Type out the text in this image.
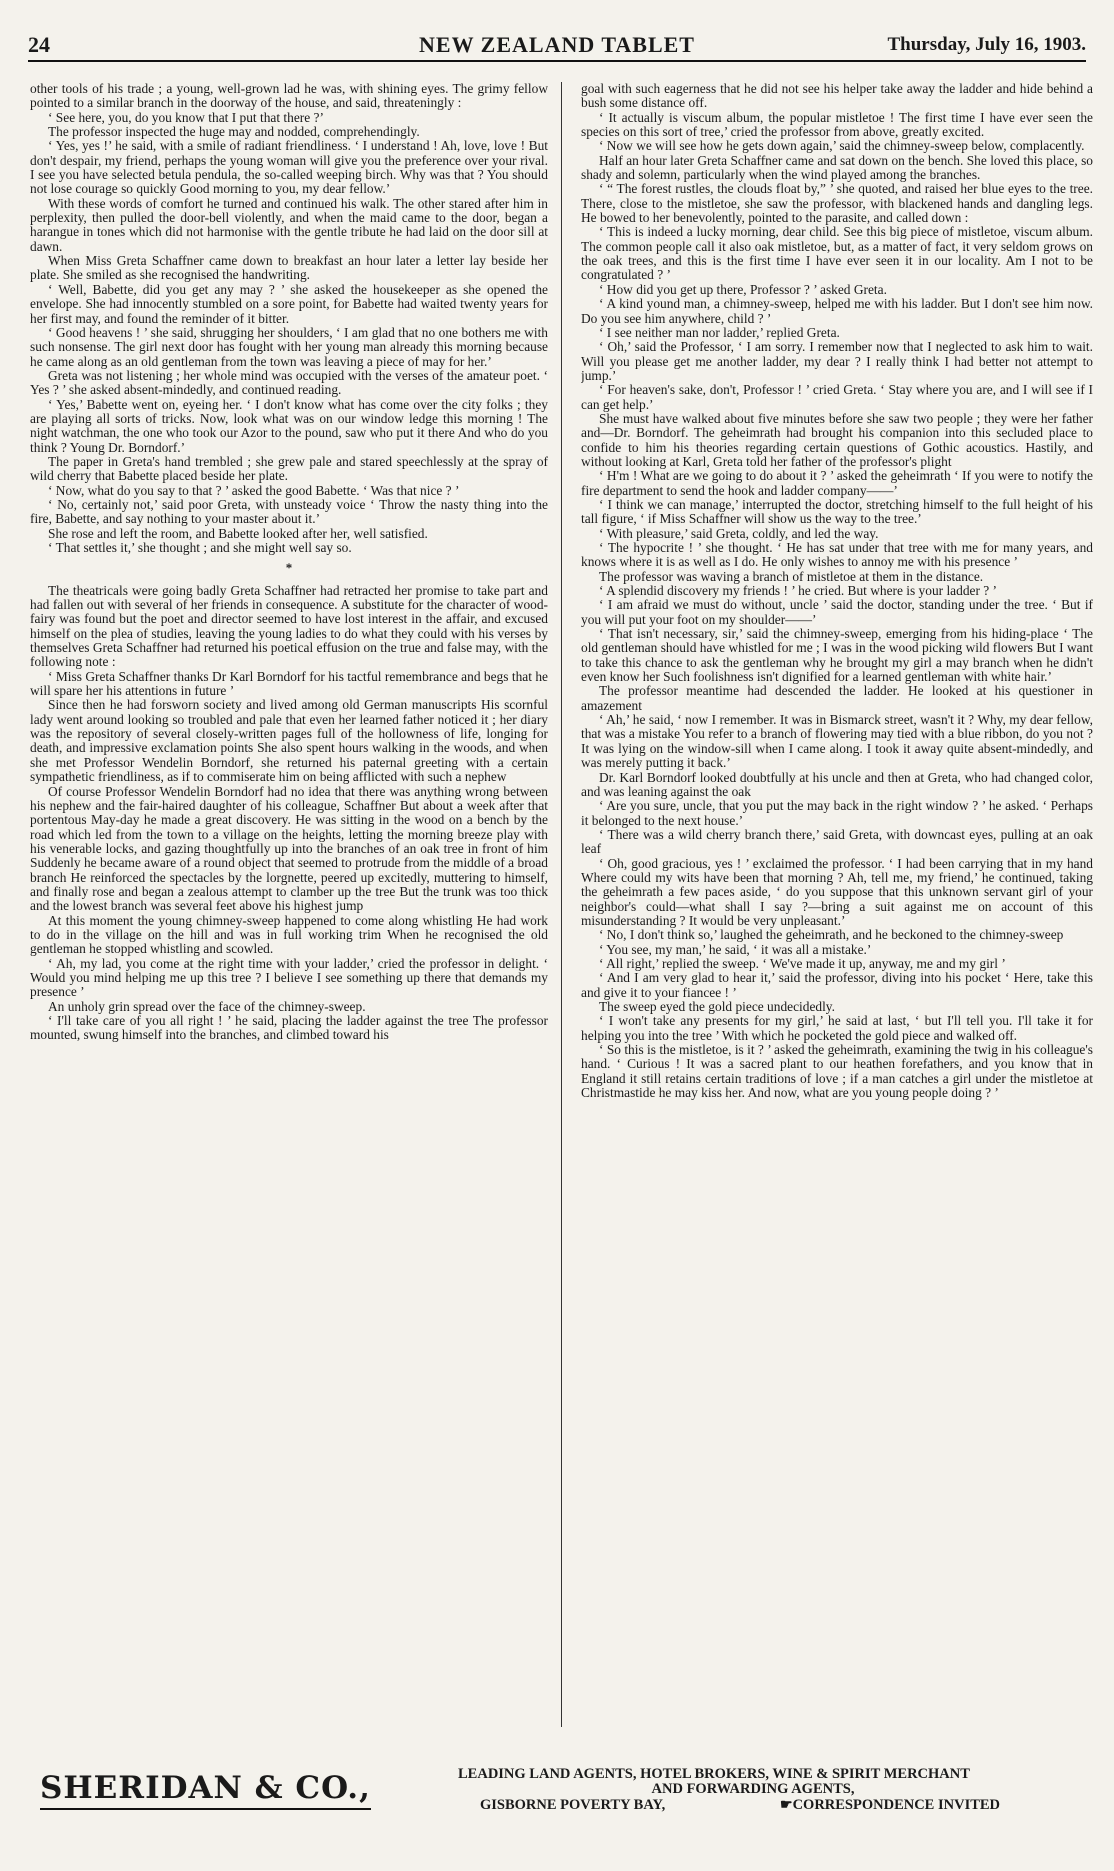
24	NEW ZEALAND TABLET	Thursday, July 16, 1903.

other tools of his trade ; a young, well-grown lad he was, with shining eyes. The grimy fellow pointed to a similar branch in the doorway of the house, and said, threateningly :

‘ See here, you, do you know that I put that there ?’

The professor inspected the huge may and nodded, comprehendingly.

‘ Yes, yes !’ he said, with a smile of radiant friendliness. ‘ I understand ! Ah, love, love ! But don't despair, my friend, perhaps the young woman will give you the preference over your rival. I see you have selected betula pendula, the so-called weeping birch. Why was that ? You should not lose courage so quickly Good morning to you, my dear fellow.’

With these words of comfort he turned and continued his walk. The other stared after him in perplexity, then pulled the door-bell violently, and when the maid came to the door, began a harangue in tones which did not harmonise with the gentle tribute he had laid on the door sill at dawn.

When Miss Greta Schaffner came down to breakfast an hour later a letter lay beside her plate. She smiled as she recognised the handwriting.

‘ Well, Babette, did you get any may ? ’ she asked the housekeeper as she opened the envelope. She had innocently stumbled on a sore point, for Babette had waited twenty years for her first may, and found the reminder of it bitter.

‘ Good heavens ! ’ she said, shrugging her shoulders, ‘ I am glad that no one bothers me with such nonsense. The girl next door has fought with her young man already this morning because he came along as an old gentleman from the town was leaving a piece of may for her.’

Greta was not listening ; her whole mind was occupied with the verses of the amateur poet. ‘ Yes ? ’ she asked absent-mindedly, and continued reading.

‘ Yes,’ Babette went on, eyeing her. ‘ I don't know what has come over the city folks ; they are playing all sorts of tricks. Now, look what was on our window ledge this morning ! The night watchman, the one who took our Azor to the pound, saw who put it there And who do you think ? Young Dr. Borndorf.’

The paper in Greta's hand trembled ; she grew pale and stared speechlessly at the spray of wild cherry that Babette placed beside her plate.

‘ Now, what do you say to that ? ’ asked the good Babette. ‘ Was that nice ? ’

‘ No, certainly not,’ said poor Greta, with unsteady voice ‘ Throw the nasty thing into the fire, Babette, and say nothing to your master about it.’

She rose and left the room, and Babette looked after her, well satisfied.

‘ That settles it,’ she thought ; and she might well say so.

*

The theatricals were going badly Greta Schaffner had retracted her promise to take part and had fallen out with several of her friends in consequence. A substitute for the character of wood-fairy was found but the poet and director seemed to have lost interest in the affair, and excused himself on the plea of studies, leaving the young ladies to do what they could with his verses by themselves Greta Schaffner had returned his poetical effusion on the true and false may, with the following note :

‘ Miss Greta Schaffner thanks Dr Karl Borndorf for his tactful remembrance and begs that he will spare her his attentions in future ’

Since then he had forsworn society and lived among old German manuscripts His scornful lady went around looking so troubled and pale that even her learned father noticed it ; her diary was the repository of several closely-written pages full of the hollowness of life, longing for death, and impressive exclamation points She also spent hours walking in the woods, and when she met Professor Wendelin Borndorf, she returned his paternal greeting with a certain sympathetic friendliness, as if to commiserate him on being afflicted with such a nephew

Of course Professor Wendelin Borndorf had no idea that there was anything wrong between his nephew and the fair-haired daughter of his colleague, Schaffner But about a week after that portentous May-day he made a great discovery. He was sitting in the wood on a bench by the road which led from the town to a village on the heights, letting the morning breeze play with his venerable locks, and gazing thoughtfully up into the branches of an oak tree in front of him Suddenly he became aware of a round object that seemed to protrude from the middle of a broad branch He reinforced the spectacles by the lorgnette, peered up excitedly, muttering to himself, and finally rose and began a zealous attempt to clamber up the tree But the trunk was too thick and the lowest branch was several feet above his highest jump

At this moment the young chimney-sweep happened to come along whistling He had work to do in the village on the hill and was in full working trim When he recognised the old gentleman he stopped whistling and scowled.

‘ Ah, my lad, you come at the right time with your ladder,’ cried the professor in delight. ‘ Would you mind helping me up this tree ? I believe I see something up there that demands my presence ’

An unholy grin spread over the face of the chimney-sweep.

‘ I'll take care of you all right ! ’ he said, placing the ladder against the tree The professor mounted, swung himself into the branches, and climbed toward his

goal with such eagerness that he did not see his helper take away the ladder and hide behind a bush some distance off.

‘ It actually is viscum album, the popular mistletoe ! The first time I have ever seen the species on this sort of tree,’ cried the professor from above, greatly excited.

‘ Now we will see how he gets down again,’ said the chimney-sweep below, complacently.

Half an hour later Greta Schaffner came and sat down on the bench. She loved this place, so shady and solemn, particularly when the wind played among the branches.

‘ “ The forest rustles, the clouds float by,” ’ she quoted, and raised her blue eyes to the tree. There, close to the mistletoe, she saw the professor, with blackened hands and dangling legs. He bowed to her benevolently, pointed to the parasite, and called down :

‘ This is indeed a lucky morning, dear child. See this big piece of mistletoe, viscum album. The common people call it also oak mistletoe, but, as a matter of fact, it very seldom grows on the oak trees, and this is the first time I have ever seen it in our locality. Am I not to be congratulated ? ’

‘ How did you get up there, Professor ? ’ asked Greta.

‘ A kind yound man, a chimney-sweep, helped me with his ladder. But I don't see him now. Do you see him anywhere, child ? ’

‘ I see neither man nor ladder,’ replied Greta.

‘ Oh,’ said the Professor, ‘ I am sorry. I remember now that I neglected to ask him to wait. Will you please get me another ladder, my dear ? I really think I had better not attempt to jump.’

‘ For heaven's sake, don't, Professor ! ’ cried Greta. ‘ Stay where you are, and I will see if I can get help.’

She must have walked about five minutes before she saw two people ; they were her father and—Dr. Borndorf. The geheimrath had brought his companion into this secluded place to confide to him his theories regarding certain questions of Gothic acoustics. Hastily, and without looking at Karl, Greta told her father of the professor's plight

‘ H'm ! What are we going to do about it ? ’ asked the geheimrath ‘ If you were to notify the fire department to send the hook and ladder company——’

‘ I think we can manage,’ interrupted the doctor, stretching himself to the full height of his tall figure, ‘ if Miss Schaffner will show us the way to the tree.’

‘ With pleasure,’ said Greta, coldly, and led the way.

‘ The hypocrite ! ’ she thought. ‘ He has sat under that tree with me for many years, and knows where it is as well as I do. He only wishes to annoy me with his presence ’

The professor was waving a branch of mistletoe at them in the distance.

‘ A splendid discovery my friends ! ’ he cried. But where is your ladder ? ’

‘ I am afraid we must do without, uncle ’ said the doctor, standing under the tree. ‘ But if you will put your foot on my shoulder——’

‘ That isn't necessary, sir,’ said the chimney-sweep, emerging from his hiding-place ‘ The old gentleman should have whistled for me ; I was in the wood picking wild flowers But I want to take this chance to ask the gentleman why he brought my girl a may branch when he didn't even know her Such foolishness isn't dignified for a learned gentleman with white hair.’

The professor meantime had descended the ladder. He looked at his questioner in amazement

‘ Ah,’ he said, ‘ now I remember. It was in Bismarck street, wasn't it ? Why, my dear fellow, that was a mistake You refer to a branch of flowering may tied with a blue ribbon, do you not ? It was lying on the window-sill when I came along. I took it away quite absent-mindedly, and was merely putting it back.’

Dr. Karl Borndorf looked doubtfully at his uncle and then at Greta, who had changed color, and was leaning against the oak

‘ Are you sure, uncle, that you put the may back in the right window ? ’ he asked. ‘ Perhaps it belonged to the next house.’

‘ There was a wild cherry branch there,’ said Greta, with downcast eyes, pulling at an oak leaf

‘ Oh, good gracious, yes ! ’ exclaimed the professor. ‘ I had been carrying that in my hand Where could my wits have been that morning ? Ah, tell me, my friend,’ he continued, taking the geheimrath a few paces aside, ‘ do you suppose that this unknown servant girl of your neighbor's could—what shall I say ?—bring a suit against me on account of this misunderstanding ? It would be very unpleasant.’

‘ No, I don't think so,’ laughed the geheimrath, and he beckoned to the chimney-sweep

‘ You see, my man,’ he said, ‘ it was all a mistake.’

‘ All right,’ replied the sweep. ‘ We've made it up, anyway, me and my girl ’

‘ And I am very glad to hear it,’ said the professor, diving into his pocket ‘ Here, take this and give it to your fiancee ! ’

The sweep eyed the gold piece undecidedly.

‘ I won't take any presents for my girl,’ he said at last, ‘ but I'll tell you. I'll take it for helping you into the tree ’ With which he pocketed the gold piece and walked off.

‘ So this is the mistletoe, is it ? ’ asked the geheimrath, examining the twig in his colleague's hand. ‘ Curious ! It was a sacred plant to our heathen forefathers, and you know that in England it still retains certain traditions of love ; if a man catches a girl under the mistletoe at Christmastide he may kiss her. And now, what are you young people doing ? ’

SHERIDAN & CO.,	LEADING LAND AGENTS, HOTEL BROKERS, WINE & SPIRIT MERCHANT
AND FORWARDING AGENTS,
GISBORNE POVERTY BAY,	☛CORRESPONDENCE INVITED
